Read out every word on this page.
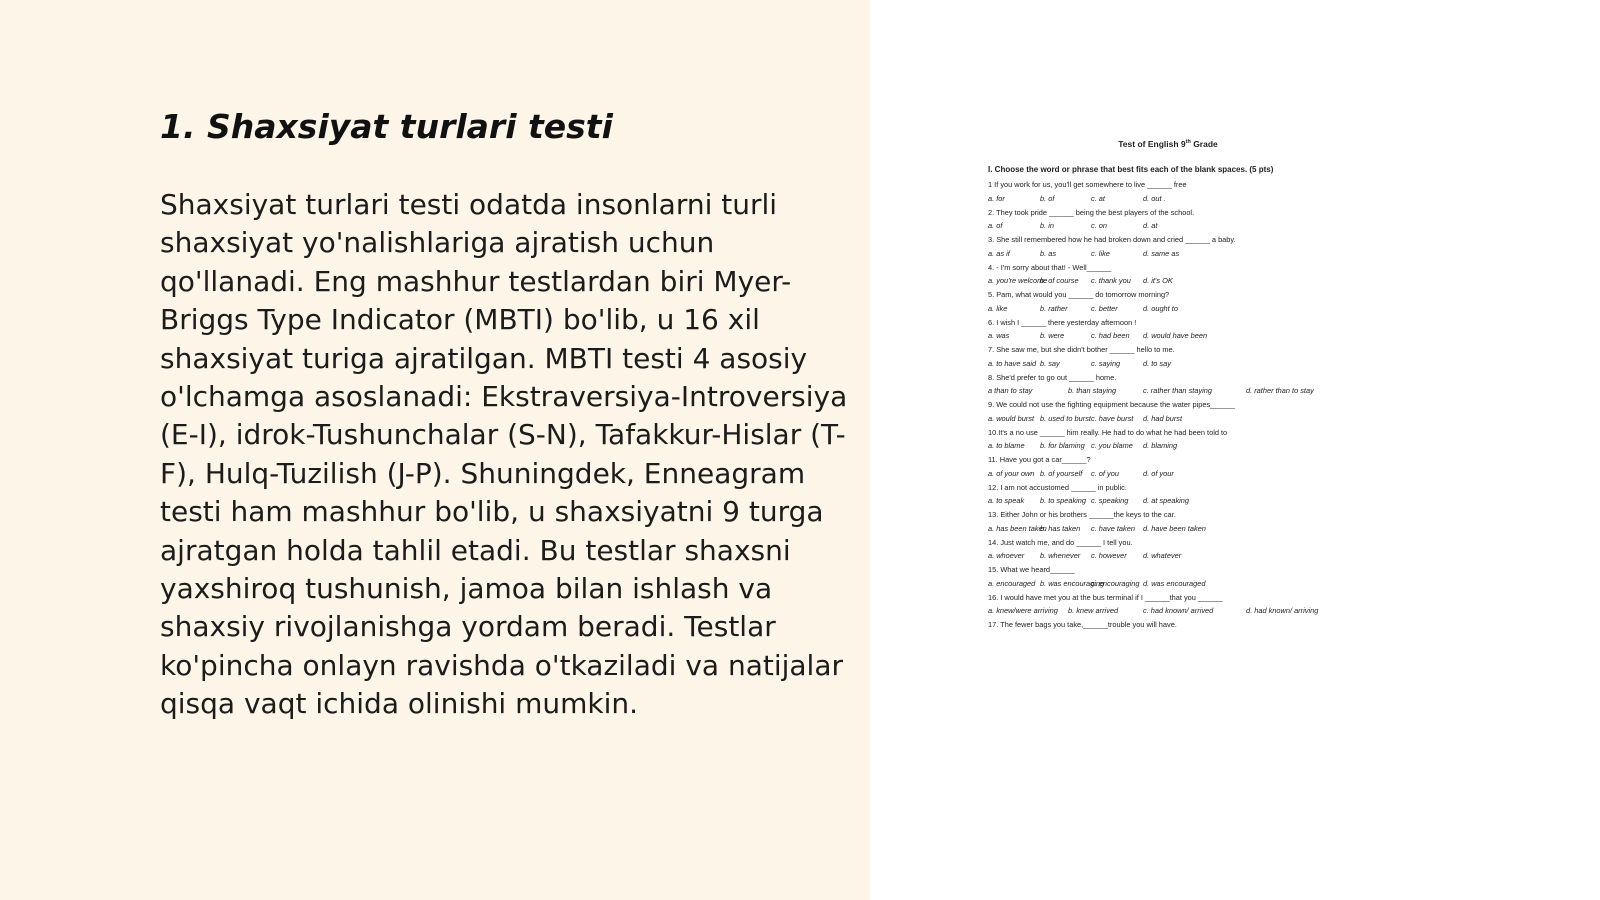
1. Shaxsiyat turlari testi

Shaxsiyat turlari testi odatda insonlarni turli shaxsiyat yo'nalishlariga ajratish uchun qo'llanadi. Eng mashhur testlardan biri Myer-Briggs Type Indicator (MBTI) bo'lib, u 16 xil shaxsiyat turiga ajratilgan. MBTI testi 4 asosiy o'lchamga asoslanadi: Ekstraversiya-Introversiya (E-I), idrok-Tushunchalar (S-N), Tafakkur-Hislar (T-F), Hulq-Tuzilish (J-P). Shuningdek, Enneagram testi ham mashhur bo'lib, u shaxsiyatni 9 turga ajratgan holda tahlil etadi. Bu testlar shaxsni yaxshiroq tushunish, jamoa bilan ishlash va shaxsiy rivojlanishga yordam beradi. Testlar ko'pincha onlayn ravishda o'tkaziladi va natijalar qisqa vaqt ichida olinishi mumkin.

Test of English 9th Grade
I. Choose the word or phrase that best fits each of the blank spaces. (5 pts)
1 If you work for us, you'll get somewhere to live ______ free
a. for	b. of	c. at	d. out .
2. They took pride ______ being the best players of the school.
a. of	b. in	c. on	d. at
3. She still remembered how he had broken down and cried ______ a baby.
a. as if	b. as	c. like	d. same as
4. - I'm sorry about that! - Well______
a. you're welcome
b. of course c. thank you d. it's OK
5. Pam, what would you ______ do tomorrow morning?
a. like	b. rather	c. better	d. ought to
6. I wish I ______ there yesterday afternoon !
a. was	b. were	c. had been d. would have been
7. She saw me, but she didn't bother ______ hello to me.
a. to have said b. say	c. saying	d. to say
8. She'd prefer to go out ______ home.
a than to stay	b. than staying	c. rather than staying	d. rather than to stay
9. We could not use the fighting equipment because the water pipes______
a. would burst b. used to burst c. have burst d. had burst
10.It's a no use ______ him really. He had to do what he had been told to
a. to blame b. for blaming c. you blame d. blaming
11. Have you got a car______?
a. of your own b. of yourself c. of you	d. of your
12. I am not accustomed ______ in public.
a. to speak b. to speaking c. speaking d. at speaking
13. Either John or his brothers ______the keys to the car.
a. has been taken
b. has taken c. have taken d. have been taken
14. Just watch me, and do ______ I tell you.
a. whoever b. whenever c. however d. whatever
15. What we heard______
a. encouraged b. was encouraging
c. encouraging d. was encouraged
16. I would have met you at the bus terminal if I ______that you ______
a. knew/were arriving b. knew arrived	c. had known/ arrived	d. had known/ arriving
17. The fewer bags you take,______trouble you will have.
